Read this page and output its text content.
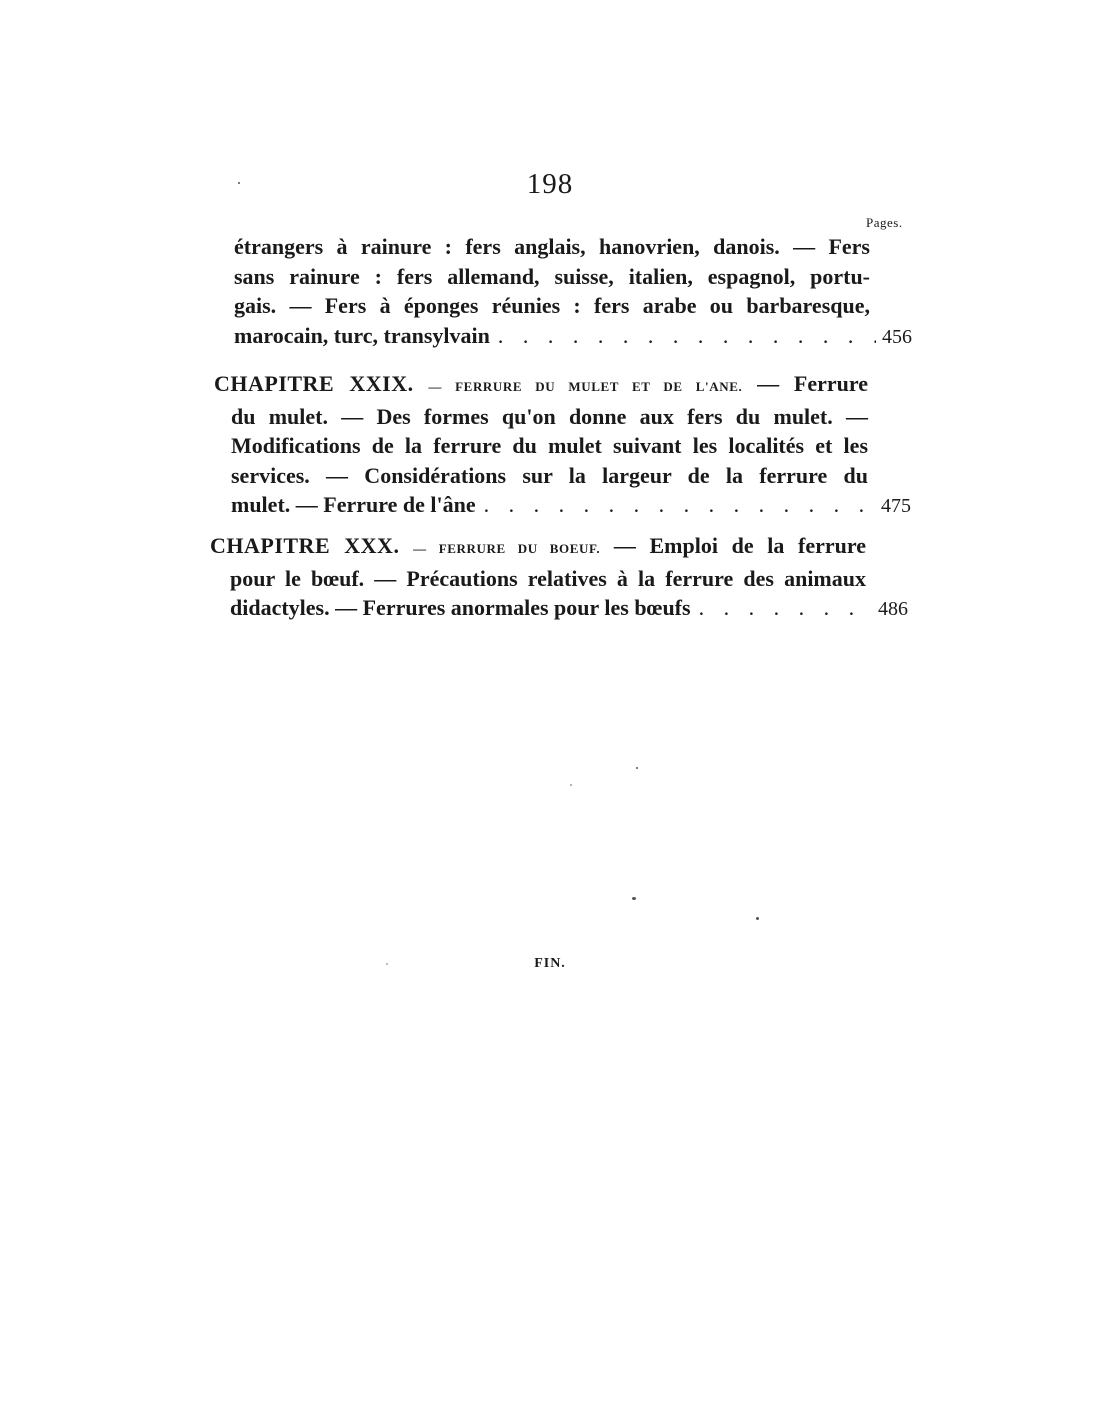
198
Pages.
étrangers à rainure : fers anglais, hanovrien, danois. — Fers
sans rainure : fers allemand, suisse, italien, espagnol, portu-
gais. — Fers à éponges réunies : fers arabe ou barbaresque,
marocain, turc, transylvain . . .	456
CHAPITRE XXIX. — FERRURE DU MULET ET DE L'ANE. — Ferrure
du mulet. — Des formes qu'on donne aux fers du mulet. —
Modifications de la ferrure du mulet suivant les localités et les
services. — Considérations sur la largeur de la ferrure du
mulet. — Ferrure de l'âne . . .	475
CHAPITRE XXX. — FERRURE DU BOEUF. — Emploi de la ferrure
pour le bœuf. — Précautions relatives à la ferrure des animaux
didactyles. — Ferrures anormales pour les bœufs . . .	486
FIN.
